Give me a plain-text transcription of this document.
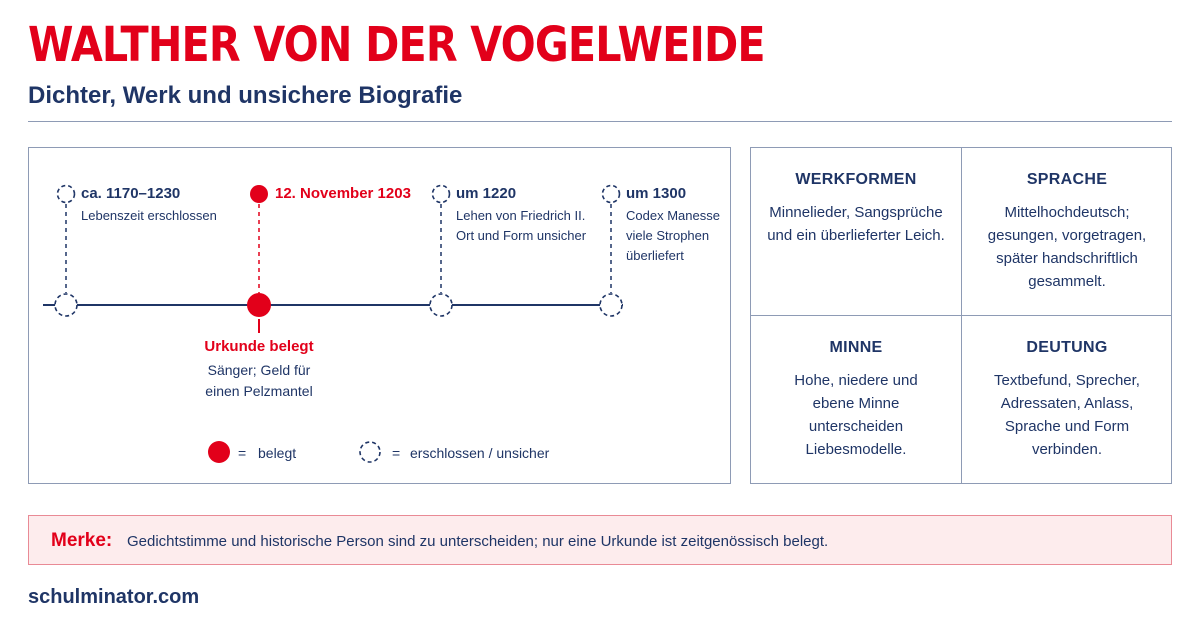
WALTHER VON DER VOGELWEIDE
Dichter, Werk und unsichere Biografie
ca. 1170–1230
Lebenszeit erschlossen
12. November 1203	um 1220
Lehen von Friedrich II.
Ort und Form unsicher
um 1300
Codex Manesse
viele Strophen
überliefert
Urkunde belegt
Sänger; Geld für
einen Pelzmantel
= belegt	= erschlossen / unsicher
WERKFORMEN
Minnelieder, Sangsprüche
und ein überlieferter Leich.
SPRACHE
Mittelhochdeutsch;
gesungen, vorgetragen,
später handschriftlich
gesammelt.
MINNE
Hohe, niedere und
ebene Minne
unterscheiden
Liebesmodelle.
DEUTUNG
Textbefund, Sprecher,
Adressaten, Anlass,
Sprache und Form
verbinden.
Merke: Gedichtstimme und historische Person sind zu unterscheiden; nur eine Urkunde ist zeitgenössisch belegt.
schulminator.com
